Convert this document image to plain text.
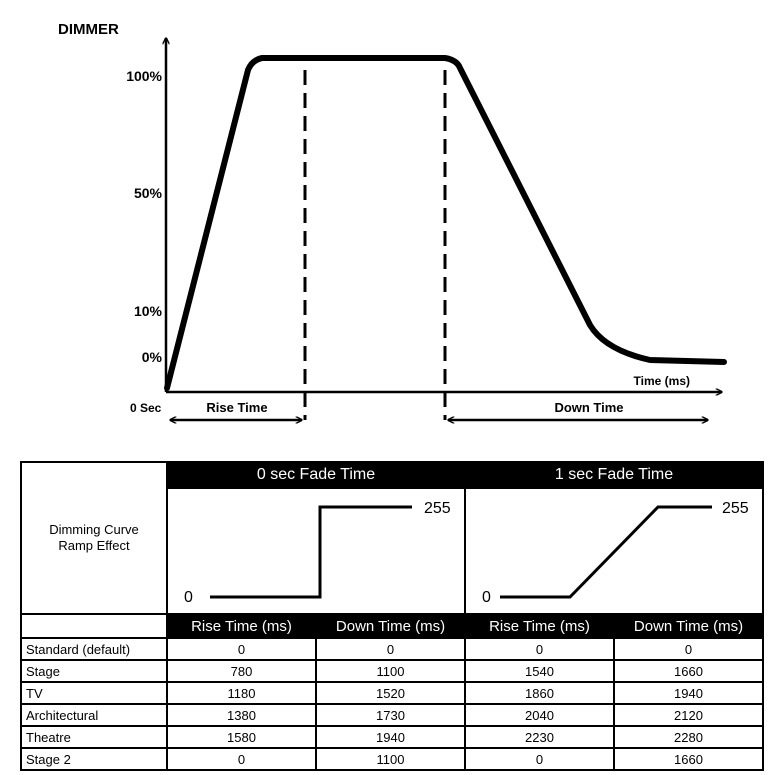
DIMMER
100%
50%
10%
0%
Time (ms)
0 Sec	Rise Time	Down Time
Dimming Curve
Ramp Effect	0 sec Fade Time		1 sec Fade Time	

0
255		0
255	

	Rise Time (ms)	Down Time (ms)	Rise Time (ms)	Down Time (ms)
Standard (default)	0	0	0	0
Stage	780	1100	1540	1660
TV	1180	1520	1860	1940
Architectural	1380	1730	2040	2120
Theatre	1580	1940	2230	2280
Stage 2	0	1100	0	1660
